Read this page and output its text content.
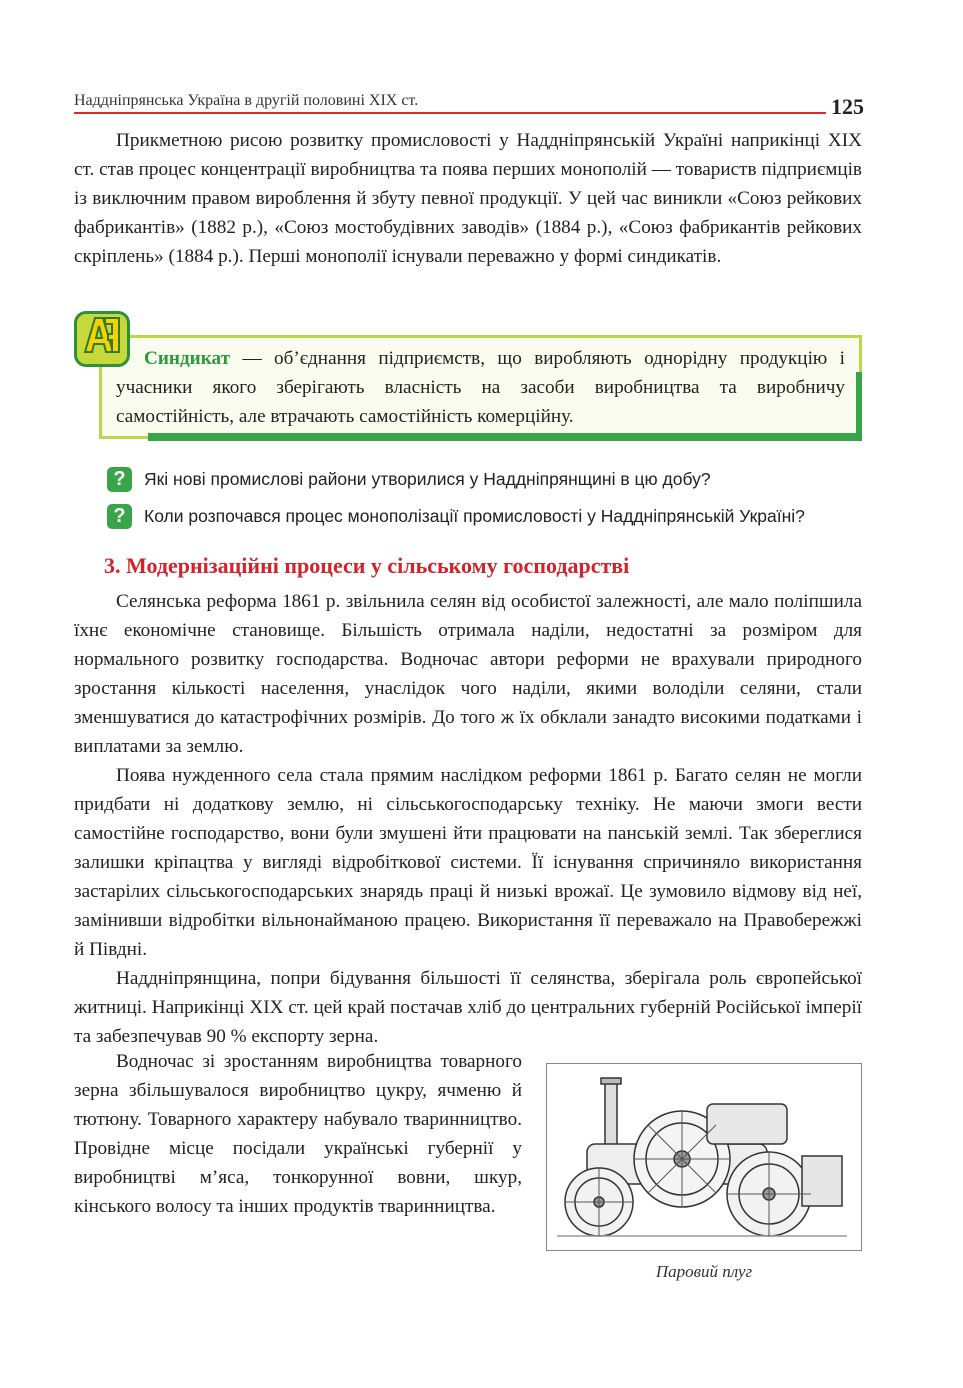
Наддніпрянська Україна в другій половині XIX ст.	125

Прикметною рисою розвитку промисловості у Наддніпрянській Україні наприкінці XIX ст. став процес концентрації виробництва та поява перших монополій — товариств підприємців із виключним правом вироблення й збуту певної продукції. У цей час виникли «Союз рейкових фабрикантів» (1882 р.), «Союз мостобудівних заводів» (1884 р.), «Союз фабрикантів рейкових скріплень» (1884 р.). Перші монополії існували переважно у формі синдикатів.

Синдикат — об’єднання підприємств, що виробляють однорідну продукцію і учасники якого зберігають власність на засоби виробництва та виробничу самостійність, але втрачають самостійність комерційну.
?	Які нові промислові райони утворилися у Наддніпрянщині в цю добу?
?	Коли розпочався процес монополізації промисловості у Наддніпрянській Україні?
3. Модернізаційні процеси у сільському господарстві

Селянська реформа 1861 р. звільнила селян від особистої залежності, але мало поліпшила їхнє економічне становище. Більшість отримала наділи, недостатні за розміром для нормального розвитку господарства. Водночас автори реформи не врахували природного зростання кількості населення, унаслідок чого наділи, якими володіли селяни, стали зменшуватися до катастрофічних розмірів. До того ж їх обклали занадто високими податками і виплатами за землю.

Поява нужденного села стала прямим наслідком реформи 1861 р. Багато селян не могли придбати ні додаткову землю, ні сільськогосподарську техніку. Не маючи змоги вести самостійне господарство, вони були змушені йти працювати на панській землі. Так збереглися залишки кріпацтва у вигляді відробіткової системи. Її існування спричиняло використання застарілих сільськогосподарських знарядь праці й низькі врожаї. Це зумовило відмову від неї, замінивши відробітки вільнонайманою працею. Використання її переважало на Правобережжі й Півдні.

Наддніпрянщина, попри бідування більшості її селянства, зберігала роль європейської житниці. Наприкінці XIX ст. цей край постачав хліб до центральних губерній Російської імперії та забезпечував 90 % експорту зерна.

Водночас зі зростанням виробництва товарного зерна збільшувалося виробництво цукру, ячменю й тютюну. Товарного характеру набувало тваринництво. Провідне місце посідали українські губернії у виробництві м’яса, тонкорунної вовни, шкур, кінського волосу та інших продуктів тваринництва.

Паровий плуг
